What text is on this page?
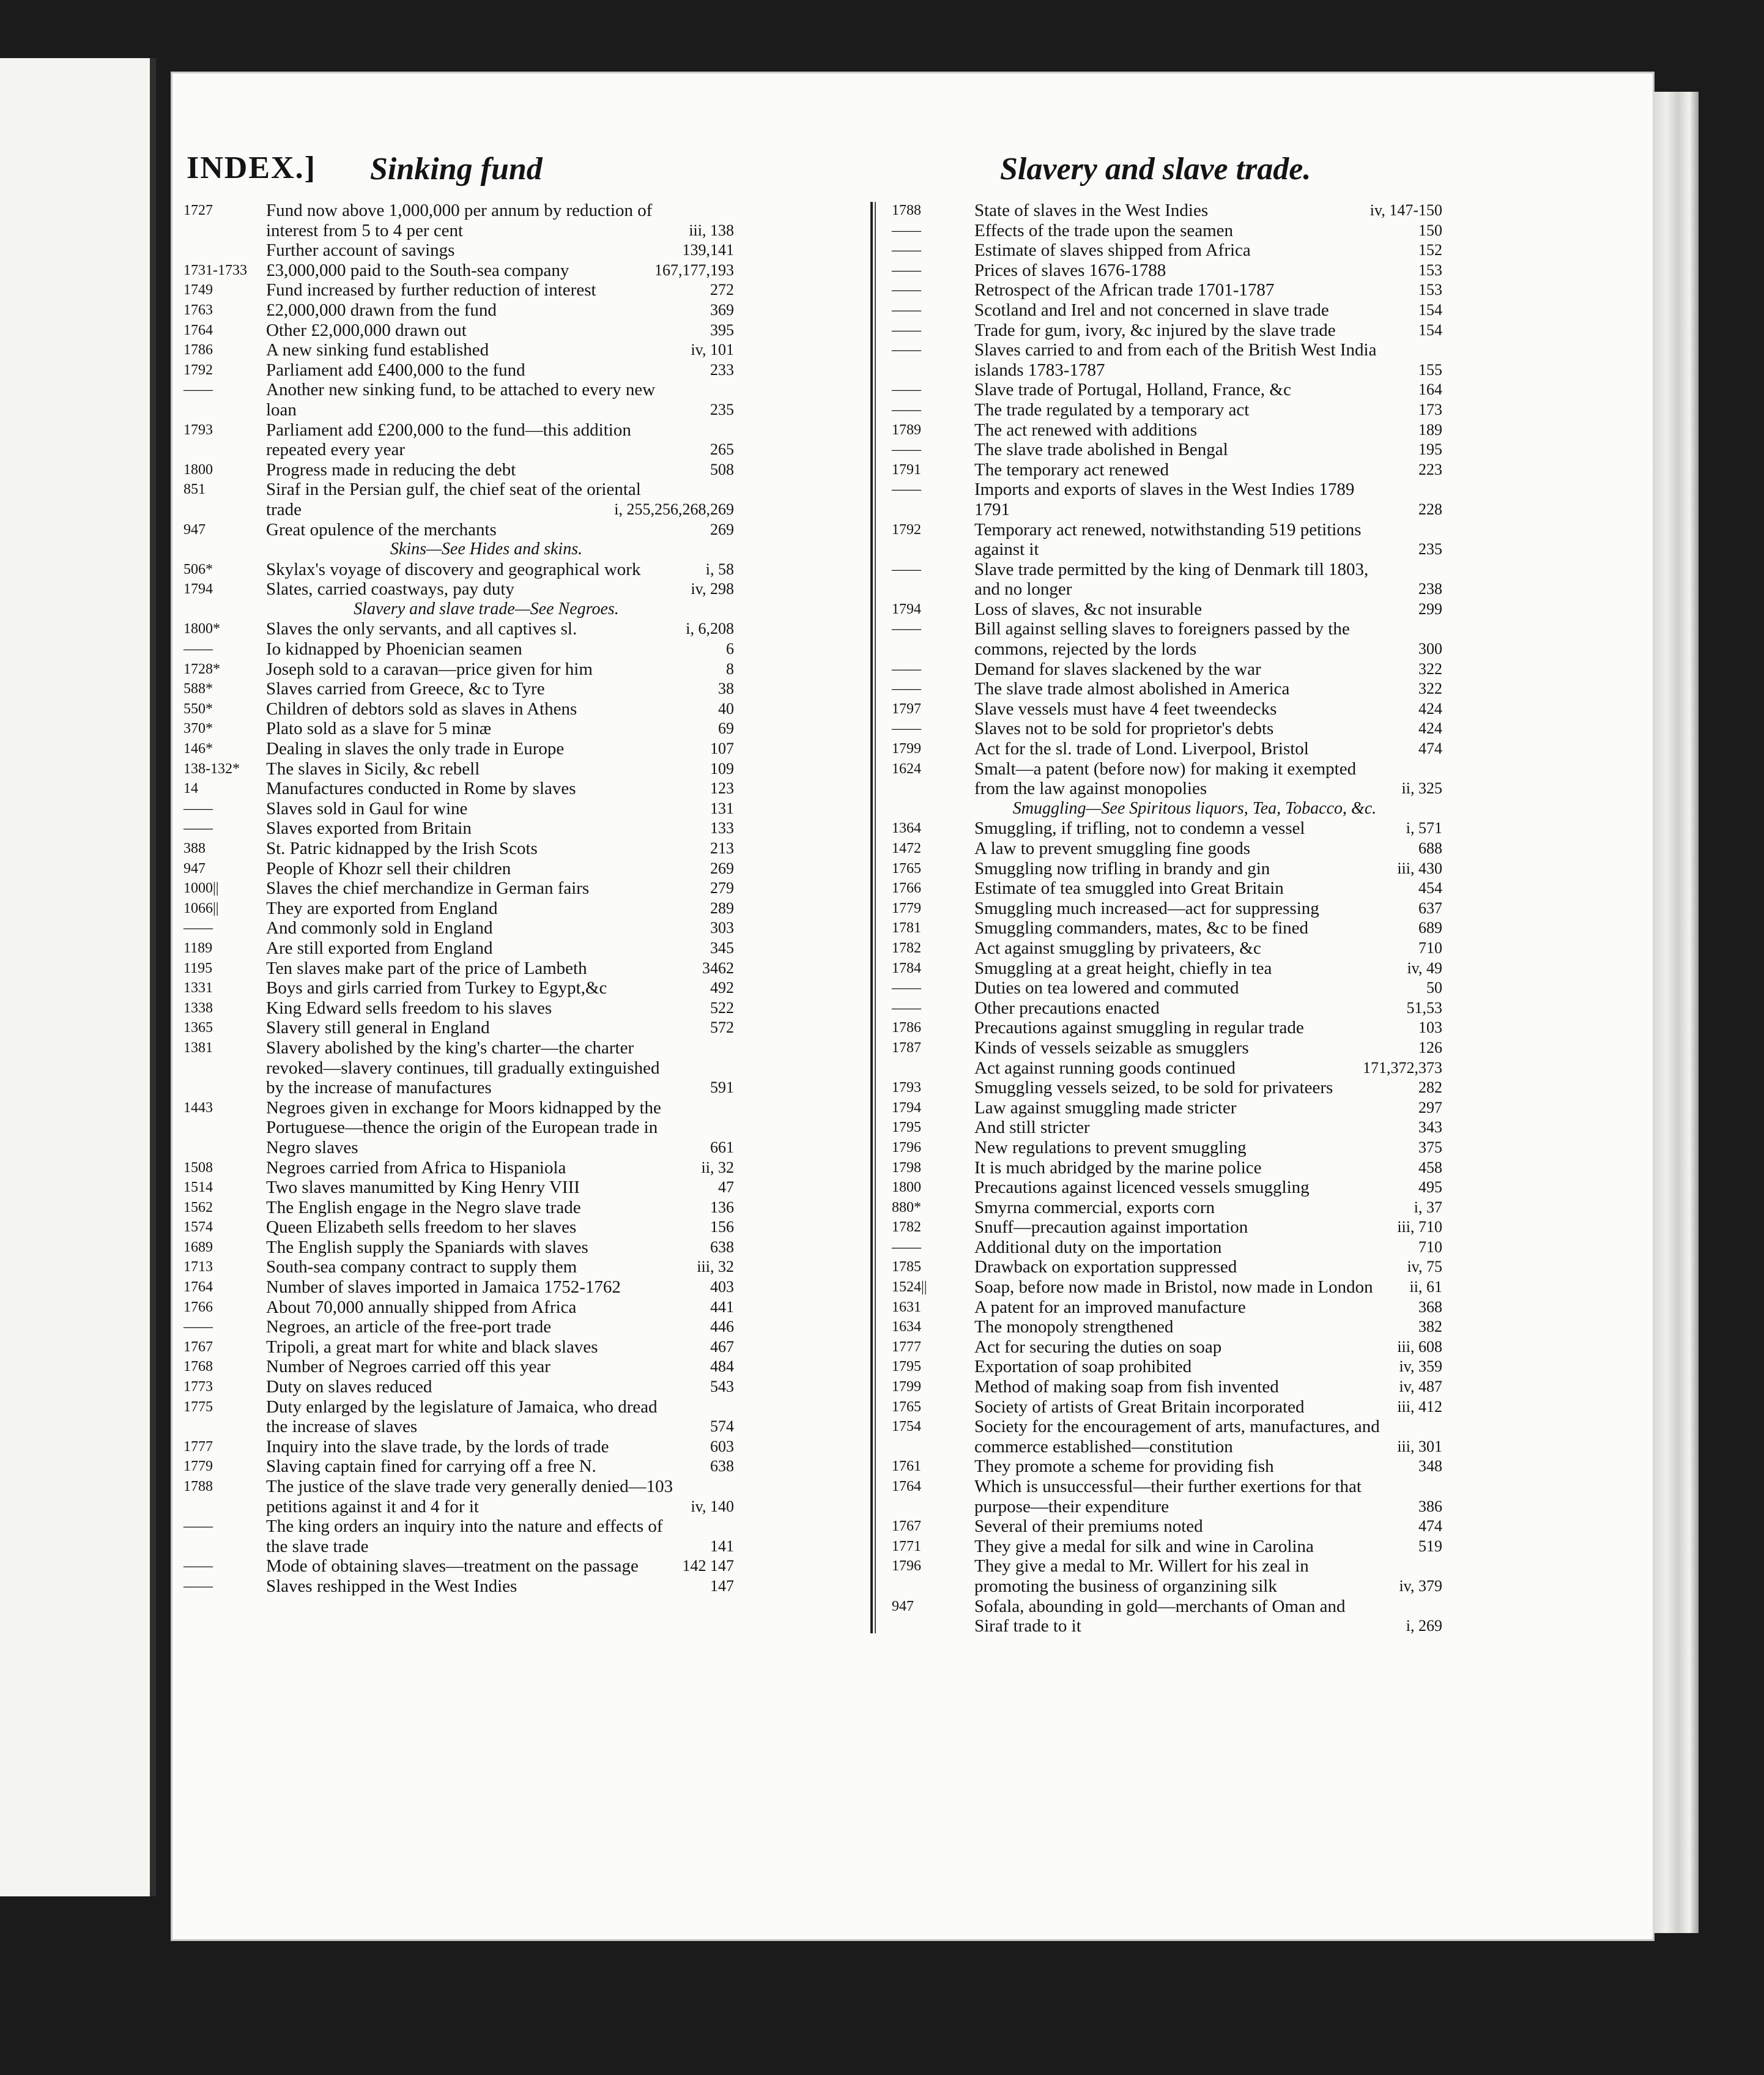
INDEX.] Sinking fund	Slavery and slave trade.
1727	Fund now above 1,000,000 per annum by reduction of interest from 5 to 4 per cent	iii, 138
Further account of savings	139,141
1731-1733	£3,000,000 paid to the South-sea company	167,177,193
1749	Fund increased by further reduction of interest	272
1763	£2,000,000 drawn from the fund	369
1764	Other £2,000,000 drawn out	395
1786	A new sinking fund established	iv, 101
1792	Parliament add £400,000 to the fund	233
——	Another new sinking fund, to be attached to every new loan	235
1793	Parliament add £200,000 to the fund—this addition repeated every year	265
1800	Progress made in reducing the debt	508
851	Siraf in the Persian gulf, the chief seat of the oriental trade	i, 255,256,268,269
947	Great opulence of the merchants	269
Skins—See Hides and skins.
506*	Skylax's voyage of discovery and geographical work	i, 58
1794	Slates, carried coastways, pay duty	iv, 298
Slavery and slave trade—See Negroes.
1800*	Slaves the only servants, and all captives sl.	i, 6,208
——	Io kidnapped by Phoenician seamen	6
1728*	Joseph sold to a caravan—price given for him	8
588*	Slaves carried from Greece, &c to Tyre	38
550*	Children of debtors sold as slaves in Athens	40
370*	Plato sold as a slave for 5 minæ	69
146*	Dealing in slaves the only trade in Europe	107
138-132*	The slaves in Sicily, &c rebell	109
14	Manufactures conducted in Rome by slaves	123
——	Slaves sold in Gaul for wine	131
——	Slaves exported from Britain	133
388	St. Patric kidnapped by the Irish Scots	213
947	People of Khozr sell their children	269
1000||	Slaves the chief merchandize in German fairs	279
1066||	They are exported from England	289
——	And commonly sold in England	303
1189	Are still exported from England	345
1195	Ten slaves make part of the price of Lambeth	3462
1331	Boys and girls carried from Turkey to Egypt,&c	492
1338	King Edward sells freedom to his slaves	522
1365	Slavery still general in England	572
1381	Slavery abolished by the king's charter—the charter revoked—slavery continues, till gradually extinguished by the increase of manufactures	591
1443	Negroes given in exchange for Moors kidnapped by the Portuguese—thence the origin of the European trade in Negro slaves	661
1508	Negroes carried from Africa to Hispaniola	ii, 32
1514	Two slaves manumitted by King Henry VIII	47
1562	The English engage in the Negro slave trade	136
1574	Queen Elizabeth sells freedom to her slaves	156
1689	The English supply the Spaniards with slaves	638
1713	South-sea company contract to supply them	iii, 32
1764	Number of slaves imported in Jamaica 1752-1762	403
1766	About 70,000 annually shipped from Africa	441
——	Negroes, an article of the free-port trade	446
1767	Tripoli, a great mart for white and black slaves	467
1768	Number of Negroes carried off this year	484
1773	Duty on slaves reduced	543
1775	Duty enlarged by the legislature of Jamaica, who dread the increase of slaves	574
1777	Inquiry into the slave trade, by the lords of trade	603
1779	Slaving captain fined for carrying off a free N.	638
1788	The justice of the slave trade very generally denied—103 petitions against it and 4 for it	iv, 140
——	The king orders an inquiry into the nature and effects of the slave trade	141
——	Mode of obtaining slaves—treatment on the passage	142 147
——	Slaves reshipped in the West Indies	147
1788	State of slaves in the West Indies	iv, 147-150
——	Effects of the trade upon the seamen	150
——	Estimate of slaves shipped from Africa	152
——	Prices of slaves 1676-1788	153
——	Retrospect of the African trade 1701-1787	153
——	Scotland and Irel and not concerned in slave trade	154
——	Trade for gum, ivory, &c injured by the slave trade	154
——	Slaves carried to and from each of the British West India islands 1783-1787	155
——	Slave trade of Portugal, Holland, France, &c	164
——	The trade regulated by a temporary act	173
1789	The act renewed with additions	189
——	The slave trade abolished in Bengal	195
1791	The temporary act renewed	223
——	Imports and exports of slaves in the West Indies 1789 1791	228
1792	Temporary act renewed, notwithstanding 519 petitions against it	235
——	Slave trade permitted by the king of Denmark till 1803, and no longer	238
1794	Loss of slaves, &c not insurable	299
——	Bill against selling slaves to foreigners passed by the commons, rejected by the lords	300
——	Demand for slaves slackened by the war	322
——	The slave trade almost abolished in America	322
1797	Slave vessels must have 4 feet tweendecks	424
——	Slaves not to be sold for proprietor's debts	424
1799	Act for the sl. trade of Lond. Liverpool, Bristol	474
1624	Smalt—a patent (before now) for making it exempted from the law against monopolies	ii, 325
Smuggling—See Spiritous liquors, Tea, Tobacco, &c.
1364	Smuggling, if trifling, not to condemn a vessel	i, 571
1472	A law to prevent smuggling fine goods	688
1765	Smuggling now trifling in brandy and gin	iii, 430
1766	Estimate of tea smuggled into Great Britain	454
1779	Smuggling much increased—act for suppressing	637
1781	Smuggling commanders, mates, &c to be fined	689
1782	Act against smuggling by privateers, &c	710
1784	Smuggling at a great height, chiefly in tea	iv, 49
——	Duties on tea lowered and commuted	50
——	Other precautions enacted	51,53
1786	Precautions against smuggling in regular trade	103
1787	Kinds of vessels seizable as smugglers	126
Act against running goods continued	171,372,373
1793	Smuggling vessels seized, to be sold for privateers	282
1794	Law against smuggling made stricter	297
1795	And still stricter	343
1796	New regulations to prevent smuggling	375
1798	It is much abridged by the marine police	458
1800	Precautions against licenced vessels smuggling	495
880*	Smyrna commercial, exports corn	i, 37
1782	Snuff—precaution against importation	iii, 710
——	Additional duty on the importation	710
1785	Drawback on exportation suppressed	iv, 75
1524||	Soap, before now made in Bristol, now made in London	ii, 61
1631	A patent for an improved manufacture	368
1634	The monopoly strengthened	382
1777	Act for securing the duties on soap	iii, 608
1795	Exportation of soap prohibited	iv, 359
1799	Method of making soap from fish invented	iv, 487
1765	Society of artists of Great Britain incorporated	iii, 412
1754	Society for the encouragement of arts, manufactures, and commerce established—constitution	iii, 301
1761	They promote a scheme for providing fish	348
1764	Which is unsuccessful—their further exertions for that purpose—their expenditure	386
1767	Several of their premiums noted	474
1771	They give a medal for silk and wine in Carolina	519
1796	They give a medal to Mr. Willert for his zeal in promoting the business of organzining silk	iv, 379
947	Sofala, abounding in gold—merchants of Oman and Siraf trade to it	i, 269
